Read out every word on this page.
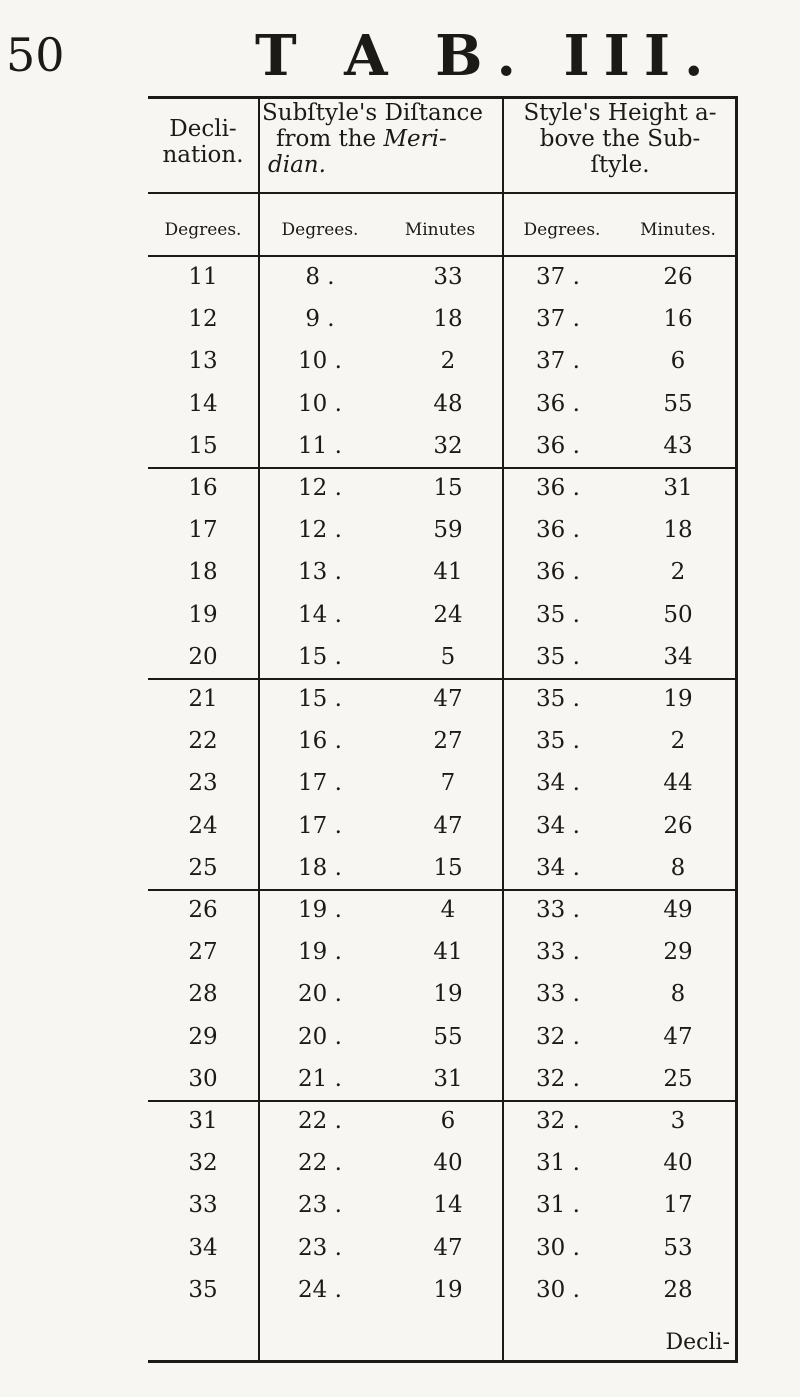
50	T A B. III.
Decli-
nation.
Subſtyle's Diſtance
from the Meri-
dian.
Style's Height a-
bove the Sub-
ſtyle.
Degrees.	Degrees.	Minutes	Degrees.	Minutes.
11	8 .	33	37 .	26
12	9 .	18	37 .	16
13	10 .	2	37 .	6
14	10 .	48	36 .	55
15	11 .	32	36 .	43
16	12 .	15	36 .	31
17	12 .	59	36 .	18
18	13 .	41	36 .	2
19	14 .	24	35 .	50
20	15 .	5	35 .	34
21	15 .	47	35 .	19
22	16 .	27	35 .	2
23	17 .	7	34 .	44
24	17 .	47	34 .	26
25	18 .	15	34 .	8
26	19 .	4	33 .	49
27	19 .	41	33 .	29
28	20 .	19	33 .	8
29	20 .	55	32 .	47
30	21 .	31	32 .	25
31	22 .	6	32 .	3
32	22 .	40	31 .	40
33	23 .	14	31 .	17
34	23 .	47	30 .	53
35	24 .	19	30 .	28
Decli-
